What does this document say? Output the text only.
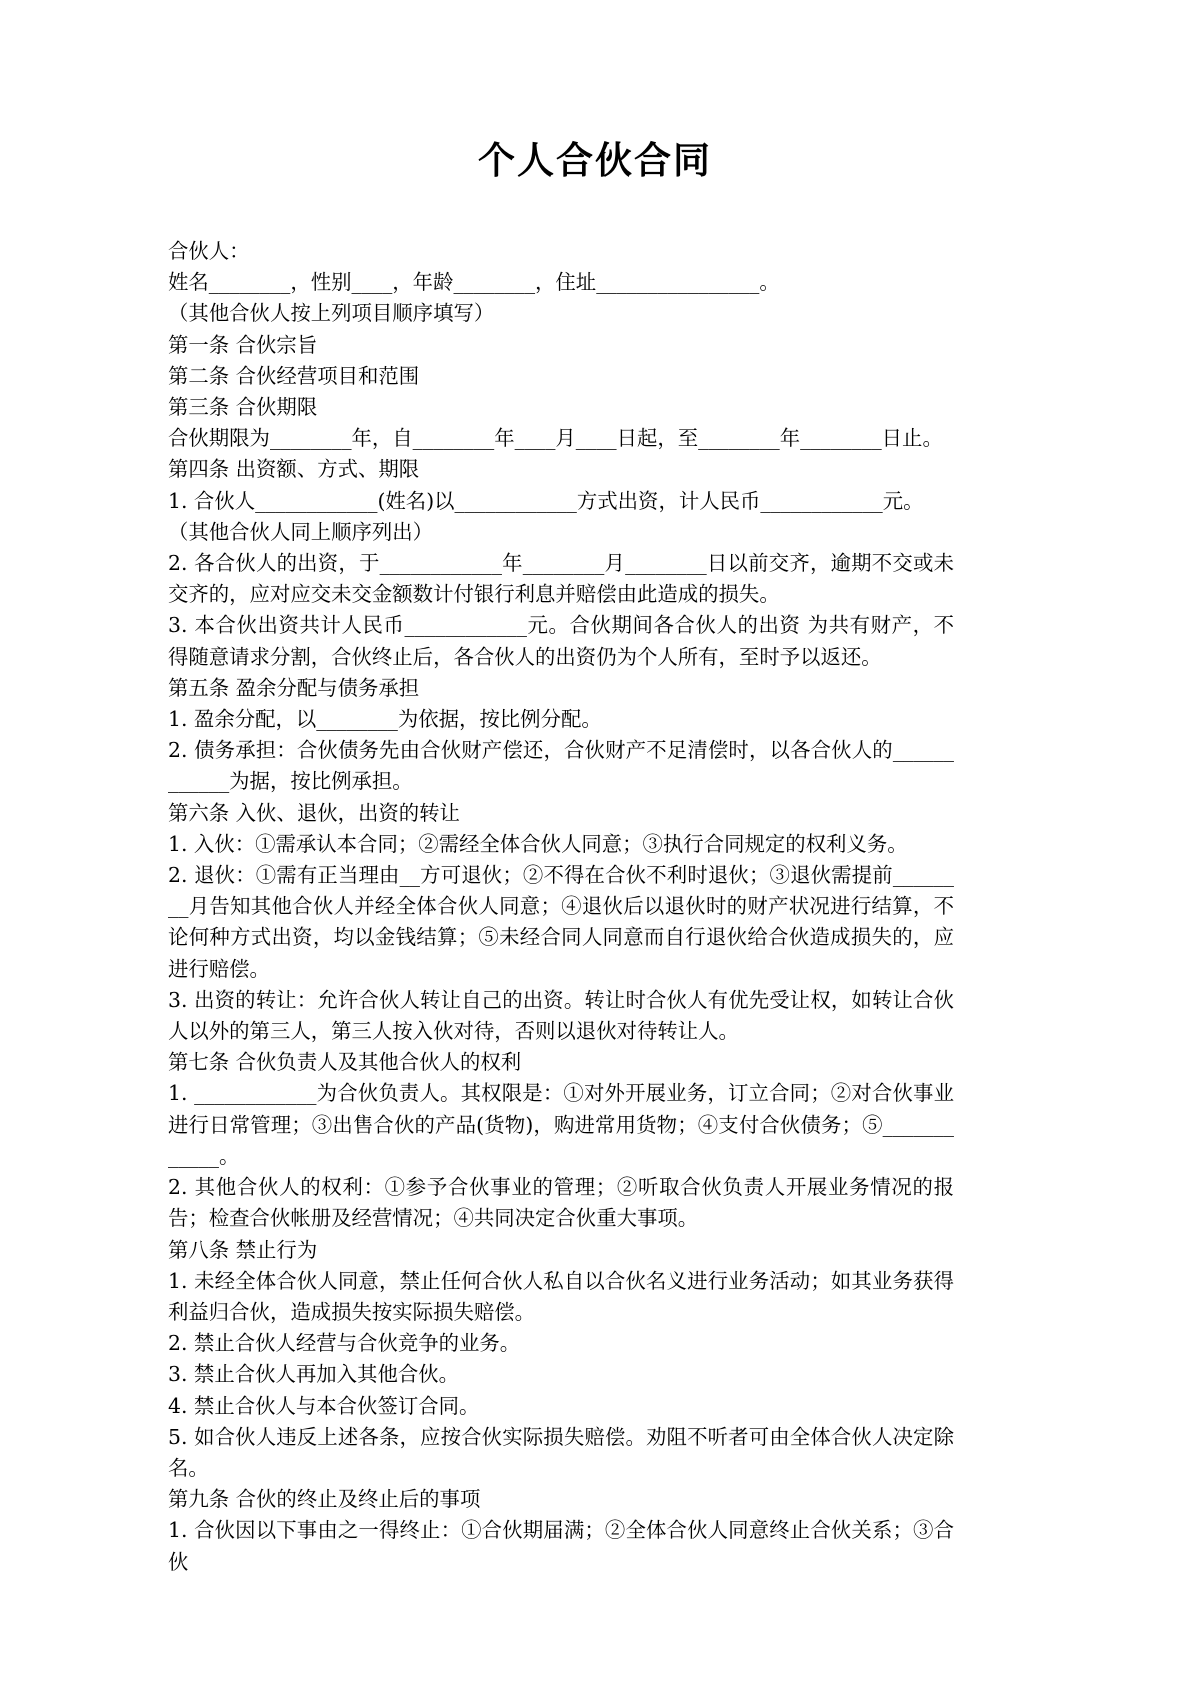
个人合伙合同

合伙人：

姓名________，性别____，年龄________，住址________________。

（其他合伙人按上列项目顺序填写）

第一条 合伙宗旨

第二条 合伙经营项目和范围

第三条 合伙期限

合伙期限为________年，自________年____月____日起，至________年________日止。

第四条 出资额、方式、期限

1. 合伙人____________(姓名)以____________方式出资，计人民币____________元。

（其他合伙人同上顺序列出）

2. 各合伙人的出资，于____________年________月________日以前交齐，逾期不交或未交齐的，应对应交未交金额数计付银行利息并赔偿由此造成的损失。

3. 本合伙出资共计人民币____________元。合伙期间各合伙人的出资 为共有财产，不得随意请求分割，合伙终止后，各合伙人的出资仍为个人所有，至时予以返还。

第五条 盈余分配与债务承担

1. 盈余分配，以________为依据，按比例分配。

2. 债务承担：合伙债务先由合伙财产偿还，合伙财产不足清偿时，以各合伙人的____________为据，按比例承担。

第六条 入伙、退伙，出资的转让

1. 入伙：①需承认本合同；②需经全体合伙人同意；③执行合同规定的权利义务。

2. 退伙：①需有正当理由__方可退伙；②不得在合伙不利时退伙；③退伙需提前________月告知其他合伙人并经全体合伙人同意；④退伙后以退伙时的财产状况进行结算，不论何种方式出资，均以金钱结算；⑤未经合同人同意而自行退伙给合伙造成损失的，应进行赔偿。

3. 出资的转让：允许合伙人转让自己的出资。转让时合伙人有优先受让权，如转让合伙人以外的第三人，第三人按入伙对待，否则以退伙对待转让人。

第七条 合伙负责人及其他合伙人的权利

1. ____________为合伙负责人。其权限是：①对外开展业务，订立合同；②对合伙事业进行日常管理；③出售合伙的产品(货物)，购进常用货物；④支付合伙债务；⑤____________。

2. 其他合伙人的权利：①参予合伙事业的管理；②听取合伙负责人开展业务情况的报告；检查合伙帐册及经营情况；④共同决定合伙重大事项。

第八条 禁止行为

1. 未经全体合伙人同意，禁止任何合伙人私自以合伙名义进行业务活动；如其业务获得利益归合伙，造成损失按实际损失赔偿。

2. 禁止合伙人经营与合伙竞争的业务。

3. 禁止合伙人再加入其他合伙。

4. 禁止合伙人与本合伙签订合同。

5. 如合伙人违反上述各条，应按合伙实际损失赔偿。劝阻不听者可由全体合伙人决定除名。

第九条 合伙的终止及终止后的事项

1. 合伙因以下事由之一得终止：①合伙期届满；②全体合伙人同意终止合伙关系；③合伙
